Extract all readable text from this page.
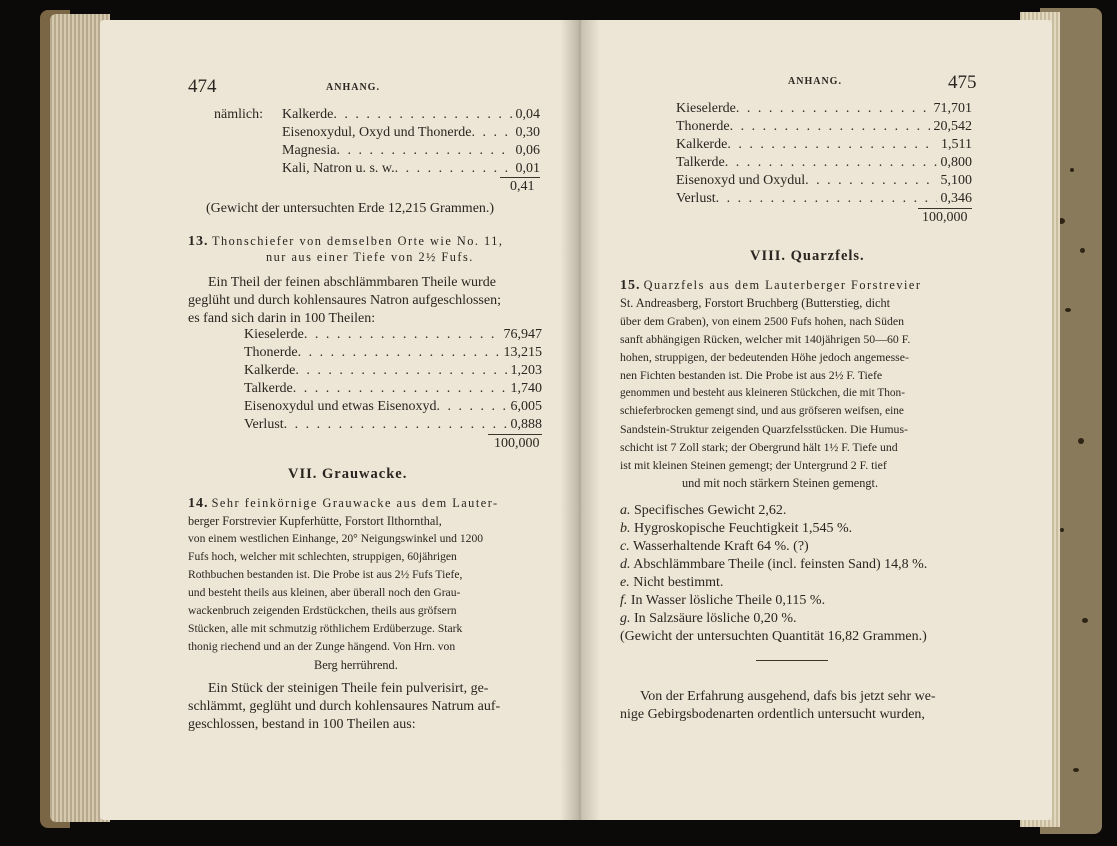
474	ANHANG.
nämlich: Kalkerde . . .	0,04
Eisenoxydul, Oxyd und Thonerde . . .	0,30
Magnesia . . .	0,06
Kali, Natron u. s. w. . . .	0,01
0,41
(Gewicht der untersuchten Erde 12,215 Grammen.)
13. Thonschiefer von demselben Orte wie No. 11,
nur aus einer Tiefe von 2½ Fufs.
Ein Theil der feinen abschlämmbaren Theile wurde
geglüht und durch kohlensaures Natron aufgeschlossen;
es fand sich darin in 100 Theilen:
Kieselerde . . .	76,947
Thonerde . . .	13,215
Kalkerde . . .	1,203
Talkerde . . .	1,740
Eisenoxydul und etwas Eisenoxyd . . .	6,005
Verlust . . .	0,888
100,000
VII. Grauwacke.
14. Sehr feinkörnige Grauwacke aus dem Lauter-
berger Forstrevier Kupferhütte, Forstort Ilthornthal,
von einem westlichen Einhange, 20° Neigungswinkel und 1200
Fufs hoch, welcher mit schlechten, struppigen, 60jährigen
Rothbuchen bestanden ist. Die Probe ist aus 2½ Fufs Tiefe,
und besteht theils aus kleinen, aber überall noch den Grau-
wackenbruch zeigenden Erdstückchen, theils aus gröfsern
Stücken, alle mit schmutzig röthlichem Erdüberzuge. Stark
thonig riechend und an der Zunge hängend. Von Hrn. von
Berg herrührend.
Ein Stück der steinigen Theile fein pulverisirt, ge-
schlämmt, geglüht und durch kohlensaures Natrum auf-
geschlossen, bestand in 100 Theilen aus:
ANHANG.	475
Kieselerde . . .	71,701
Thonerde . . .	20,542
Kalkerde . . .	1,511
Talkerde . . .	0,800
Eisenoxyd und Oxydul . . .	5,100
Verlust . . .	0,346
100,000
VIII. Quarzfels.
15. Quarzfels aus dem Lauterberger Forstrevier
St. Andreasberg, Forstort Bruchberg (Butterstieg, dicht
über dem Graben), von einem 2500 Fufs hohen, nach Süden
sanft abhängigen Rücken, welcher mit 140jährigen 50—60 F.
hohen, struppigen, der bedeutenden Höhe jedoch angemesse-
nen Fichten bestanden ist. Die Probe ist aus 2½ F. Tiefe
genommen und besteht aus kleineren Stückchen, die mit Thon-
schieferbrocken gemengt sind, und aus gröfseren weifsen, eine
Sandstein-Struktur zeigenden Quarzfelsstücken. Die Humus-
schicht ist 7 Zoll stark; der Obergrund hält 1½ F. Tiefe und
ist mit kleinen Steinen gemengt; der Untergrund 2 F. tief
und mit noch stärkern Steinen gemengt.
a. Specifisches Gewicht 2,62.
b. Hygroskopische Feuchtigkeit 1,545 %.
c. Wasserhaltende Kraft 64 %. (?)
d. Abschlämmbare Theile (incl. feinsten Sand) 14,8 %.
e. Nicht bestimmt.
f. In Wasser lösliche Theile 0,115 %.
g. In Salzsäure lösliche 0,20 %.
(Gewicht der untersuchten Quantität 16,82 Grammen.)
Von der Erfahrung ausgehend, dafs bis jetzt sehr we-
nige Gebirgsbodenarten ordentlich untersucht wurden,
